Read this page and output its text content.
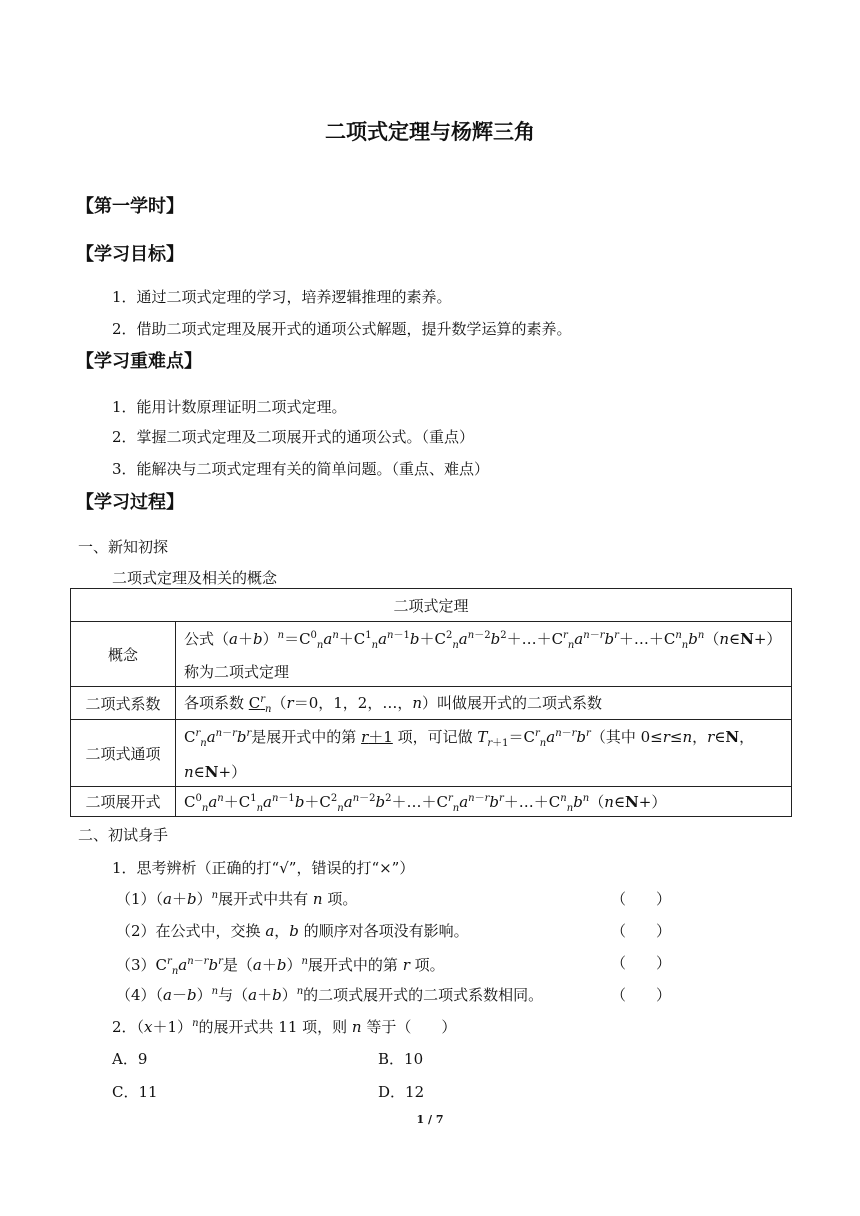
二项式定理与杨辉三角
【第一学时】
【学习目标】
1．通过二项式定理的学习，培养逻辑推理的素养。
2．借助二项式定理及展开式的通项公式解题，提升数学运算的素养。
【学习重难点】
1．能用计数原理证明二项式定理。
2．掌握二项式定理及二项展开式的通项公式。（重点）
3．能解决与二项式定理有关的简单问题。（重点、难点）
【学习过程】
一、新知初探
二项式定理及相关的概念
二项式定理	
概念	公式$(a+b)^n=C^0_na^n+C^1_na^{n-1}b+C^2_na^{n-2}b^2+\dots+C^r_na^{n-r}b^r+\dots+C^n_nb^n(n\in N+)$
称为二项式定理

二项式系数	各项系数 $C^r_n(r=0$，1，2，…，n）叫做展开式的二项式系数
二项式通项	$C^r_na^{n-r}b^r$是展开式中的第 r＋1 项，可记做 $T_{r+1}=C^r_na^{n-r}b^r$（其中 0≤r≤n，r∈N，
n∈N+）

二项展开式	$C^0_na^n+C^1_na^{n-1}b+C^2_na^{n-2}b^2+\dots+C^r_na^{n-r}b^r+\dots+C^n_nb^n(n\in N+)$
二、初试身手
1．思考辨析（正确的打“√”，错误的打“×”）
$(1)(a+b)^n$展开式中共有 n 项。	（　　）
（2）在公式中，交换 a，b 的顺序对各项没有影响。	（　　）
$(3)C^r_na^{n-r}b^r$是$(a+b)^n$展开式中的第 r 项。	（　　）
$(4)(a-b)^n$与$(a+b)^n$的二项式展开式的二项式系数相同。	（　　）
2．$(x+1)^n$的展开式共 11 项，则 n 等于（　　）
A．9	B．10
C．11	D．12
1 / 7
